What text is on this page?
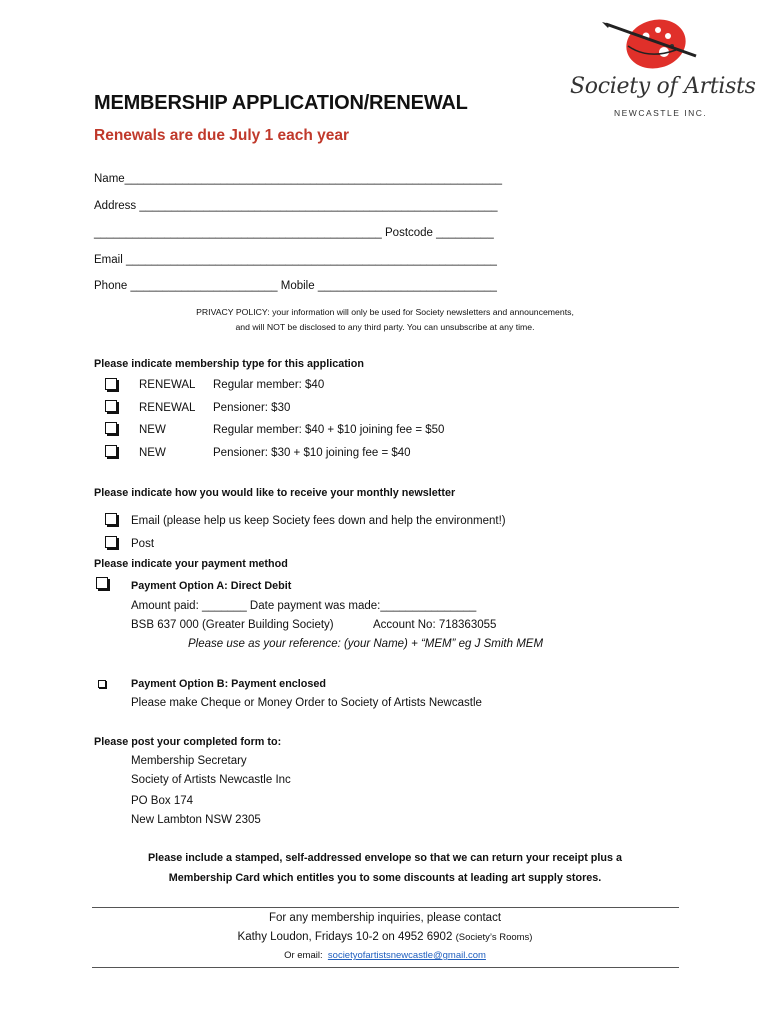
Society of Artists
NEWCASTLE INC.
MEMBERSHIP APPLICATION/RENEWAL
Renewals are due July 1 each year
Name___________________________________________________________
Address ________________________________________________________
_____________________________________________ Postcode _________
Email __________________________________________________________
Phone _______________________ Mobile ____________________________
PRIVACY POLICY: your information will only be used for Society newsletters and announcements,
and will NOT be disclosed to any third party. You can unsubscribe at any time.
Please indicate membership type for this application
RENEWAL Regular member: $40
RENEWAL Pensioner: $30
NEW	Regular member: $40 + $10 joining fee = $50
NEW	Pensioner: $30 + $10 joining fee = $40
Please indicate how you would like to receive your monthly newsletter
Email (please help us keep Society fees down and help the environment!)
Post
Please indicate your payment method
Payment Option A: Direct Debit
Amount paid: _______ Date payment was made:_______________
BSB 637 000 (Greater Building Society)	Account No: 718363055
Please use as your reference: (your Name) + “MEM” eg J Smith MEM
Payment Option B: Payment enclosed
Please make Cheque or Money Order to Society of Artists Newcastle
Please post your completed form to:
Membership Secretary
Society of Artists Newcastle Inc
PO Box 174
New Lambton NSW 2305
Please include a stamped, self-addressed envelope so that we can return your receipt plus a
Membership Card which entitles you to some discounts at leading art supply stores.
For any membership inquiries, please contact
Kathy Loudon, Fridays 10-2 on 4952 6902 (Society’s Rooms)
Or email: societyofartistsnewcastle@gmail.com
